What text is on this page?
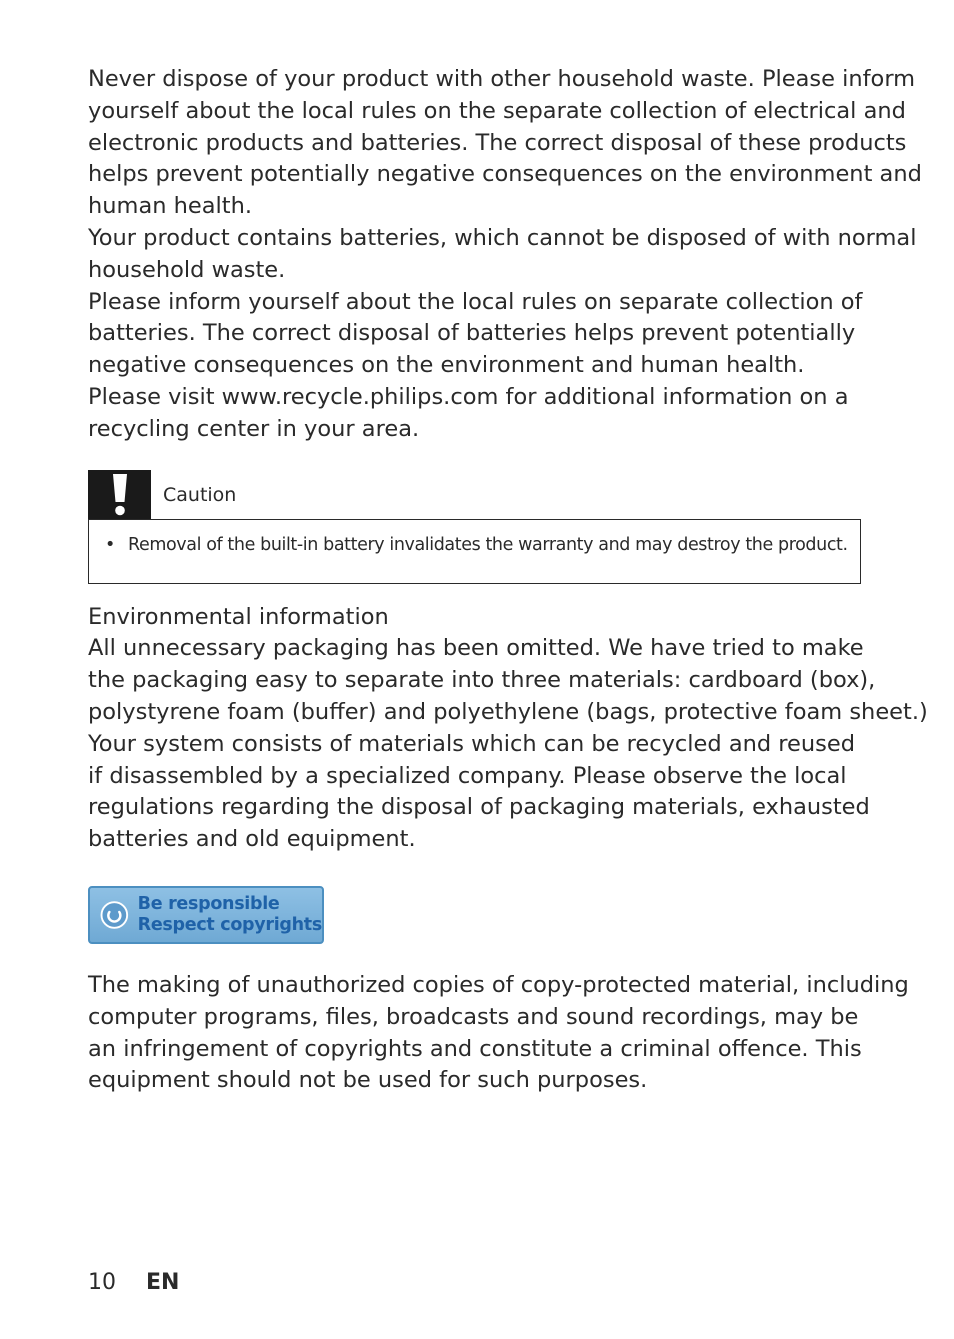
Never dispose of your product with other household waste. Please inform
yourself about the local rules on the separate collection of electrical and
electronic products and batteries. The correct disposal of these products
helps prevent potentially negative consequences on the environment and
human health.

Your product contains batteries, which cannot be disposed of with normal
household waste.

Please inform yourself about the local rules on separate collection of
batteries. The correct disposal of batteries helps prevent potentially
negative consequences on the environment and human health.

Please visit www.recycle.philips.com for additional information on a
recycling center in your area.

Caution
• Removal of the built-in battery invalidates the warranty and may destroy the product.

Environmental information

All unnecessary packaging has been omitted. We have tried to make
the packaging easy to separate into three materials: cardboard (box),
polystyrene foam (buffer) and polyethylene (bags, protective foam sheet.)
Your system consists of materials which can be recycled and reused
if disassembled by a specialized company. Please observe the local
regulations regarding the disposal of packaging materials, exhausted
batteries and old equipment.

Be responsible
Respect copyrights

The making of unauthorized copies of copy-protected material, including
computer programs, files, broadcasts and sound recordings, may be
an infringement of copyrights and constitute a criminal offence. This
equipment should not be used for such purposes.

10 EN
